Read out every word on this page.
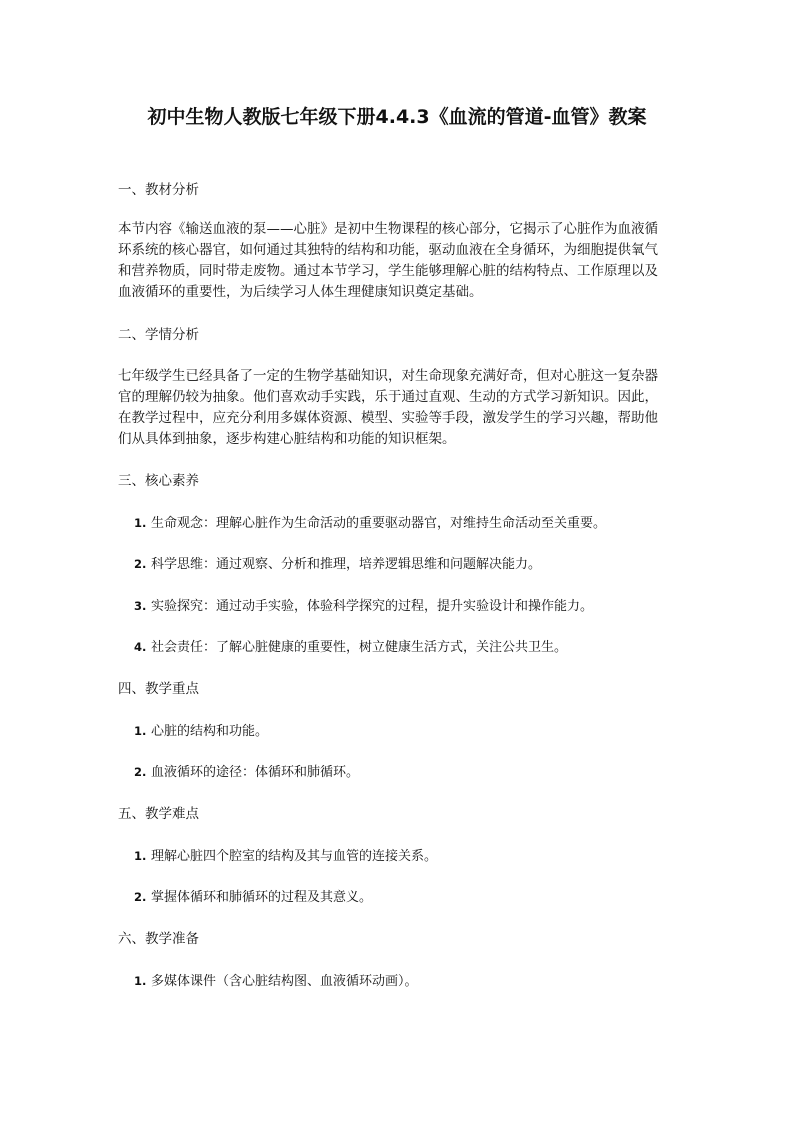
初中生物人教版七年级下册4.4.3《血流的管道-血管》教案
一、教材分析
本节内容《输送血液的泵——心脏》是初中生物课程的核心部分，它揭示了心脏作为血液循
环系统的核心器官，如何通过其独特的结构和功能，驱动血液在全身循环，为细胞提供氧气
和营养物质，同时带走废物。通过本节学习，学生能够理解心脏的结构特点、工作原理以及
血液循环的重要性，为后续学习人体生理健康知识奠定基础。
二、学情分析
七年级学生已经具备了一定的生物学基础知识，对生命现象充满好奇，但对心脏这一复杂器
官的理解仍较为抽象。他们喜欢动手实践，乐于通过直观、生动的方式学习新知识。因此，
在教学过程中，应充分利用多媒体资源、模型、实验等手段，激发学生的学习兴趣，帮助他
们从具体到抽象，逐步构建心脏结构和功能的知识框架。
三、核心素养
1. 生命观念：理解心脏作为生命活动的重要驱动器官，对维持生命活动至关重要。
2. 科学思维：通过观察、分析和推理，培养逻辑思维和问题解决能力。
3. 实验探究：通过动手实验，体验科学探究的过程，提升实验设计和操作能力。
4. 社会责任：了解心脏健康的重要性，树立健康生活方式，关注公共卫生。
四、教学重点
1. 心脏的结构和功能。
2. 血液循环的途径：体循环和肺循环。
五、教学难点
1. 理解心脏四个腔室的结构及其与血管的连接关系。
2. 掌握体循环和肺循环的过程及其意义。
六、教学准备
1. 多媒体课件（含心脏结构图、血液循环动画）。
